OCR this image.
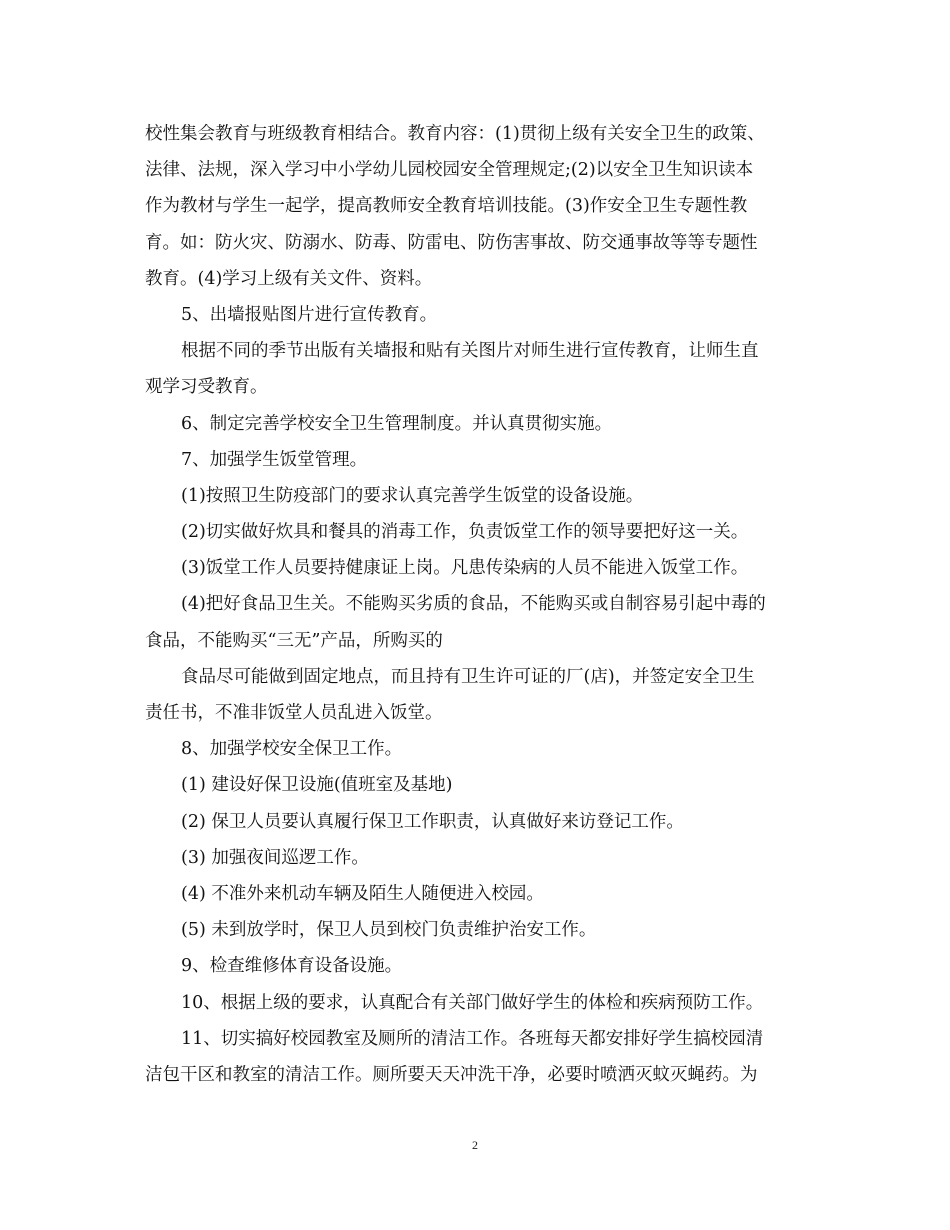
校性集会教育与班级教育相结合。教育内容：(1)贯彻上级有关安全卫生的政策、
法律、法规，深入学习中小学幼儿园校园安全管理规定;(2)以安全卫生知识读本
作为教材与学生一起学，提高教师安全教育培训技能。(3)作安全卫生专题性教
育。如：防火灾、防溺水、防毒、防雷电、防伤害事故、防交通事故等等专题性
教育。(4)学习上级有关文件、资料。
5、出墙报贴图片进行宣传教育。
根据不同的季节出版有关墙报和贴有关图片对师生进行宣传教育，让师生直
观学习受教育。
6、制定完善学校安全卫生管理制度。并认真贯彻实施。
7、加强学生饭堂管理。
(1)按照卫生防疫部门的要求认真完善学生饭堂的设备设施。
(2)切实做好炊具和餐具的消毒工作，负责饭堂工作的领导要把好这一关。
(3)饭堂工作人员要持健康证上岗。凡患传染病的人员不能进入饭堂工作。
(4)把好食品卫生关。不能购买劣质的食品，不能购买或自制容易引起中毒的
食品，不能购买“三无”产品，所购买的
食品尽可能做到固定地点，而且持有卫生许可证的厂(店)，并签定安全卫生
责任书，不准非饭堂人员乱进入饭堂。
8、加强学校安全保卫工作。
(1) 建设好保卫设施(值班室及基地)
(2) 保卫人员要认真履行保卫工作职责，认真做好来访登记工作。
(3) 加强夜间巡逻工作。
(4) 不准外来机动车辆及陌生人随便进入校园。
(5) 未到放学时，保卫人员到校门负责维护治安工作。
9、检查维修体育设备设施。
10、根据上级的要求，认真配合有关部门做好学生的体检和疾病预防工作。
11、切实搞好校园教室及厕所的清洁工作。各班每天都安排好学生搞校园清
洁包干区和教室的清洁工作。厕所要天天冲洗干净，必要时喷洒灭蚊灭蝇药。为
2
